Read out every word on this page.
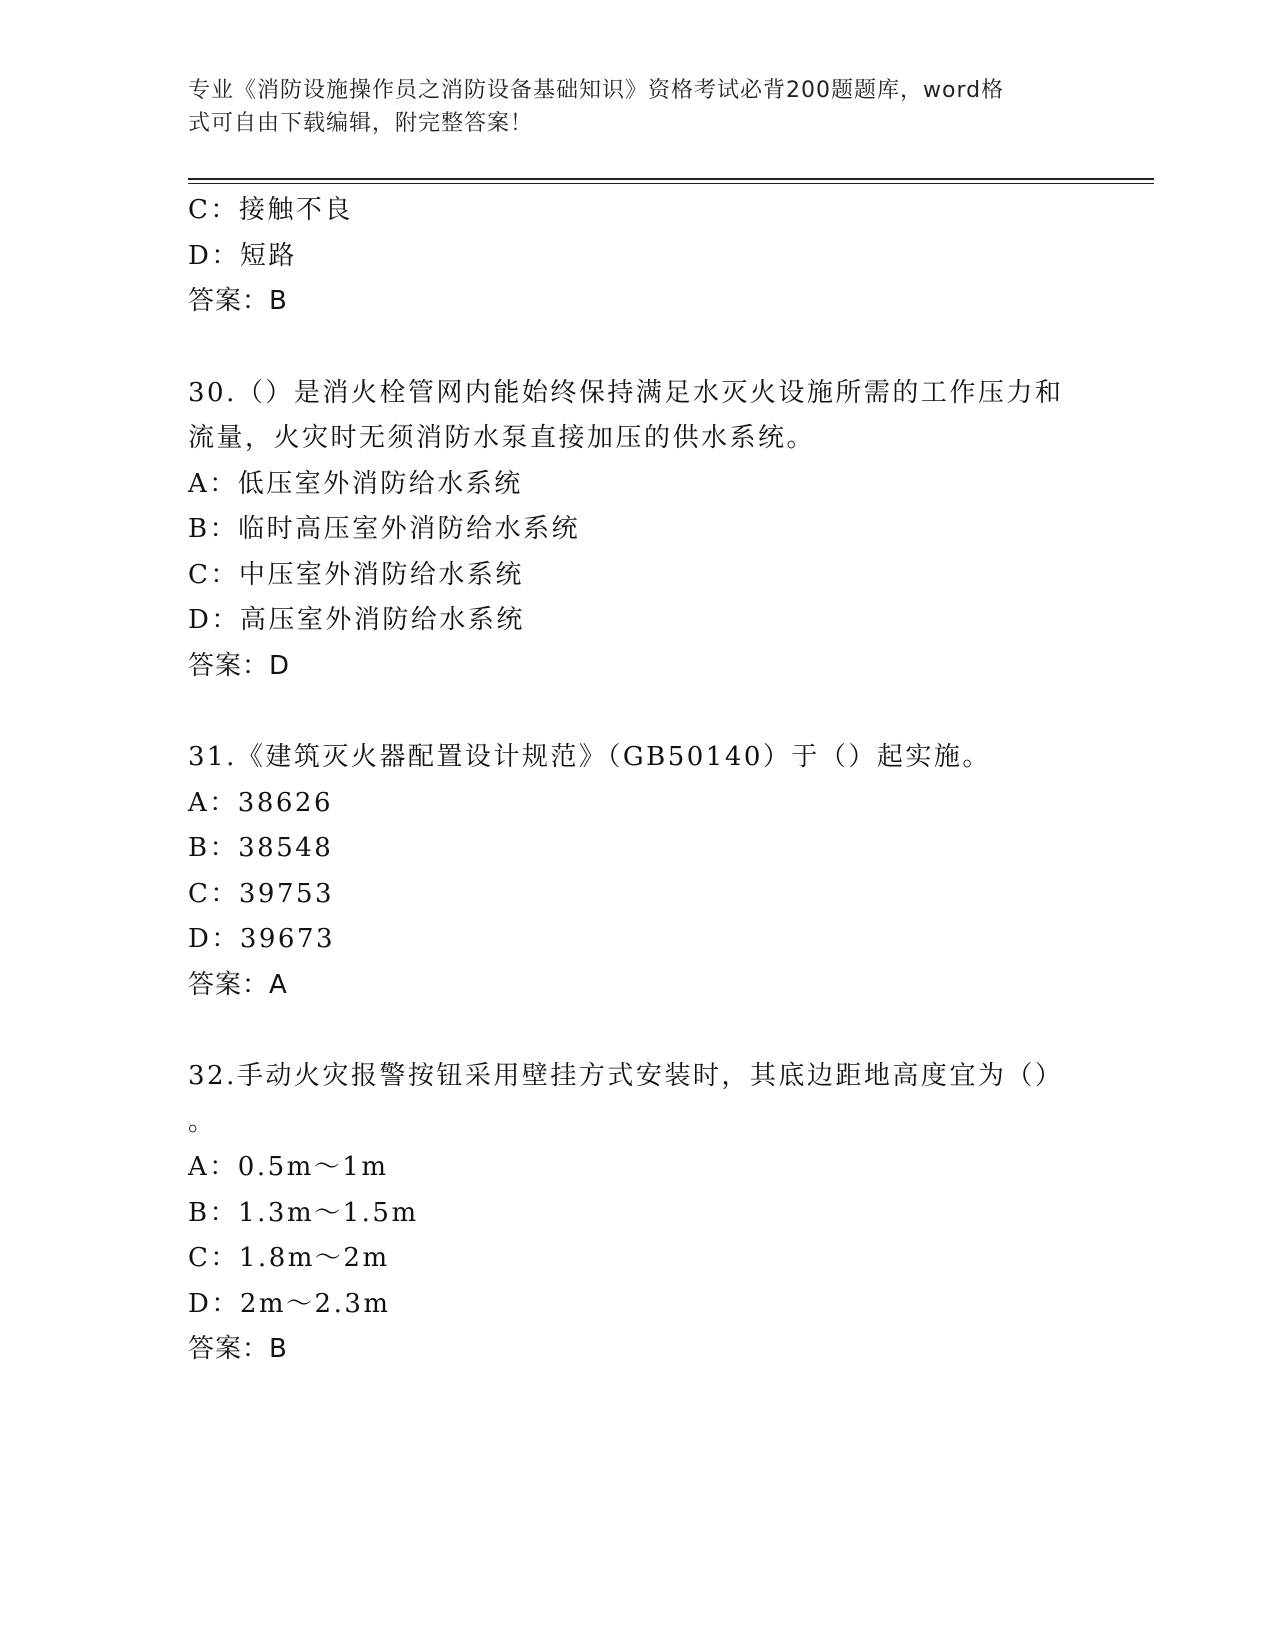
专业《消防设施操作员之消防设备基础知识》资格考试必背200题题库，word格
式可自由下载编辑，附完整答案！
C：接触不良
D：短路
答案：B
30.（）是消火栓管网内能始终保持满足水灭火设施所需的工作压力和
流量，火灾时无须消防水泵直接加压的供水系统。
A：低压室外消防给水系统
B：临时高压室外消防给水系统
C：中压室外消防给水系统
D：高压室外消防给水系统
答案：D
31.《建筑灭火器配置设计规范》（GB50140）于（）起实施。
A：38626
B：38548
C：39753
D：39673
答案：A
32.手动火灾报警按钮采用壁挂方式安装时，其底边距地高度宜为（）
。
A：0.5m～1m
B：1.3m～1.5m
C：1.8m～2m
D：2m～2.3m
答案：B
